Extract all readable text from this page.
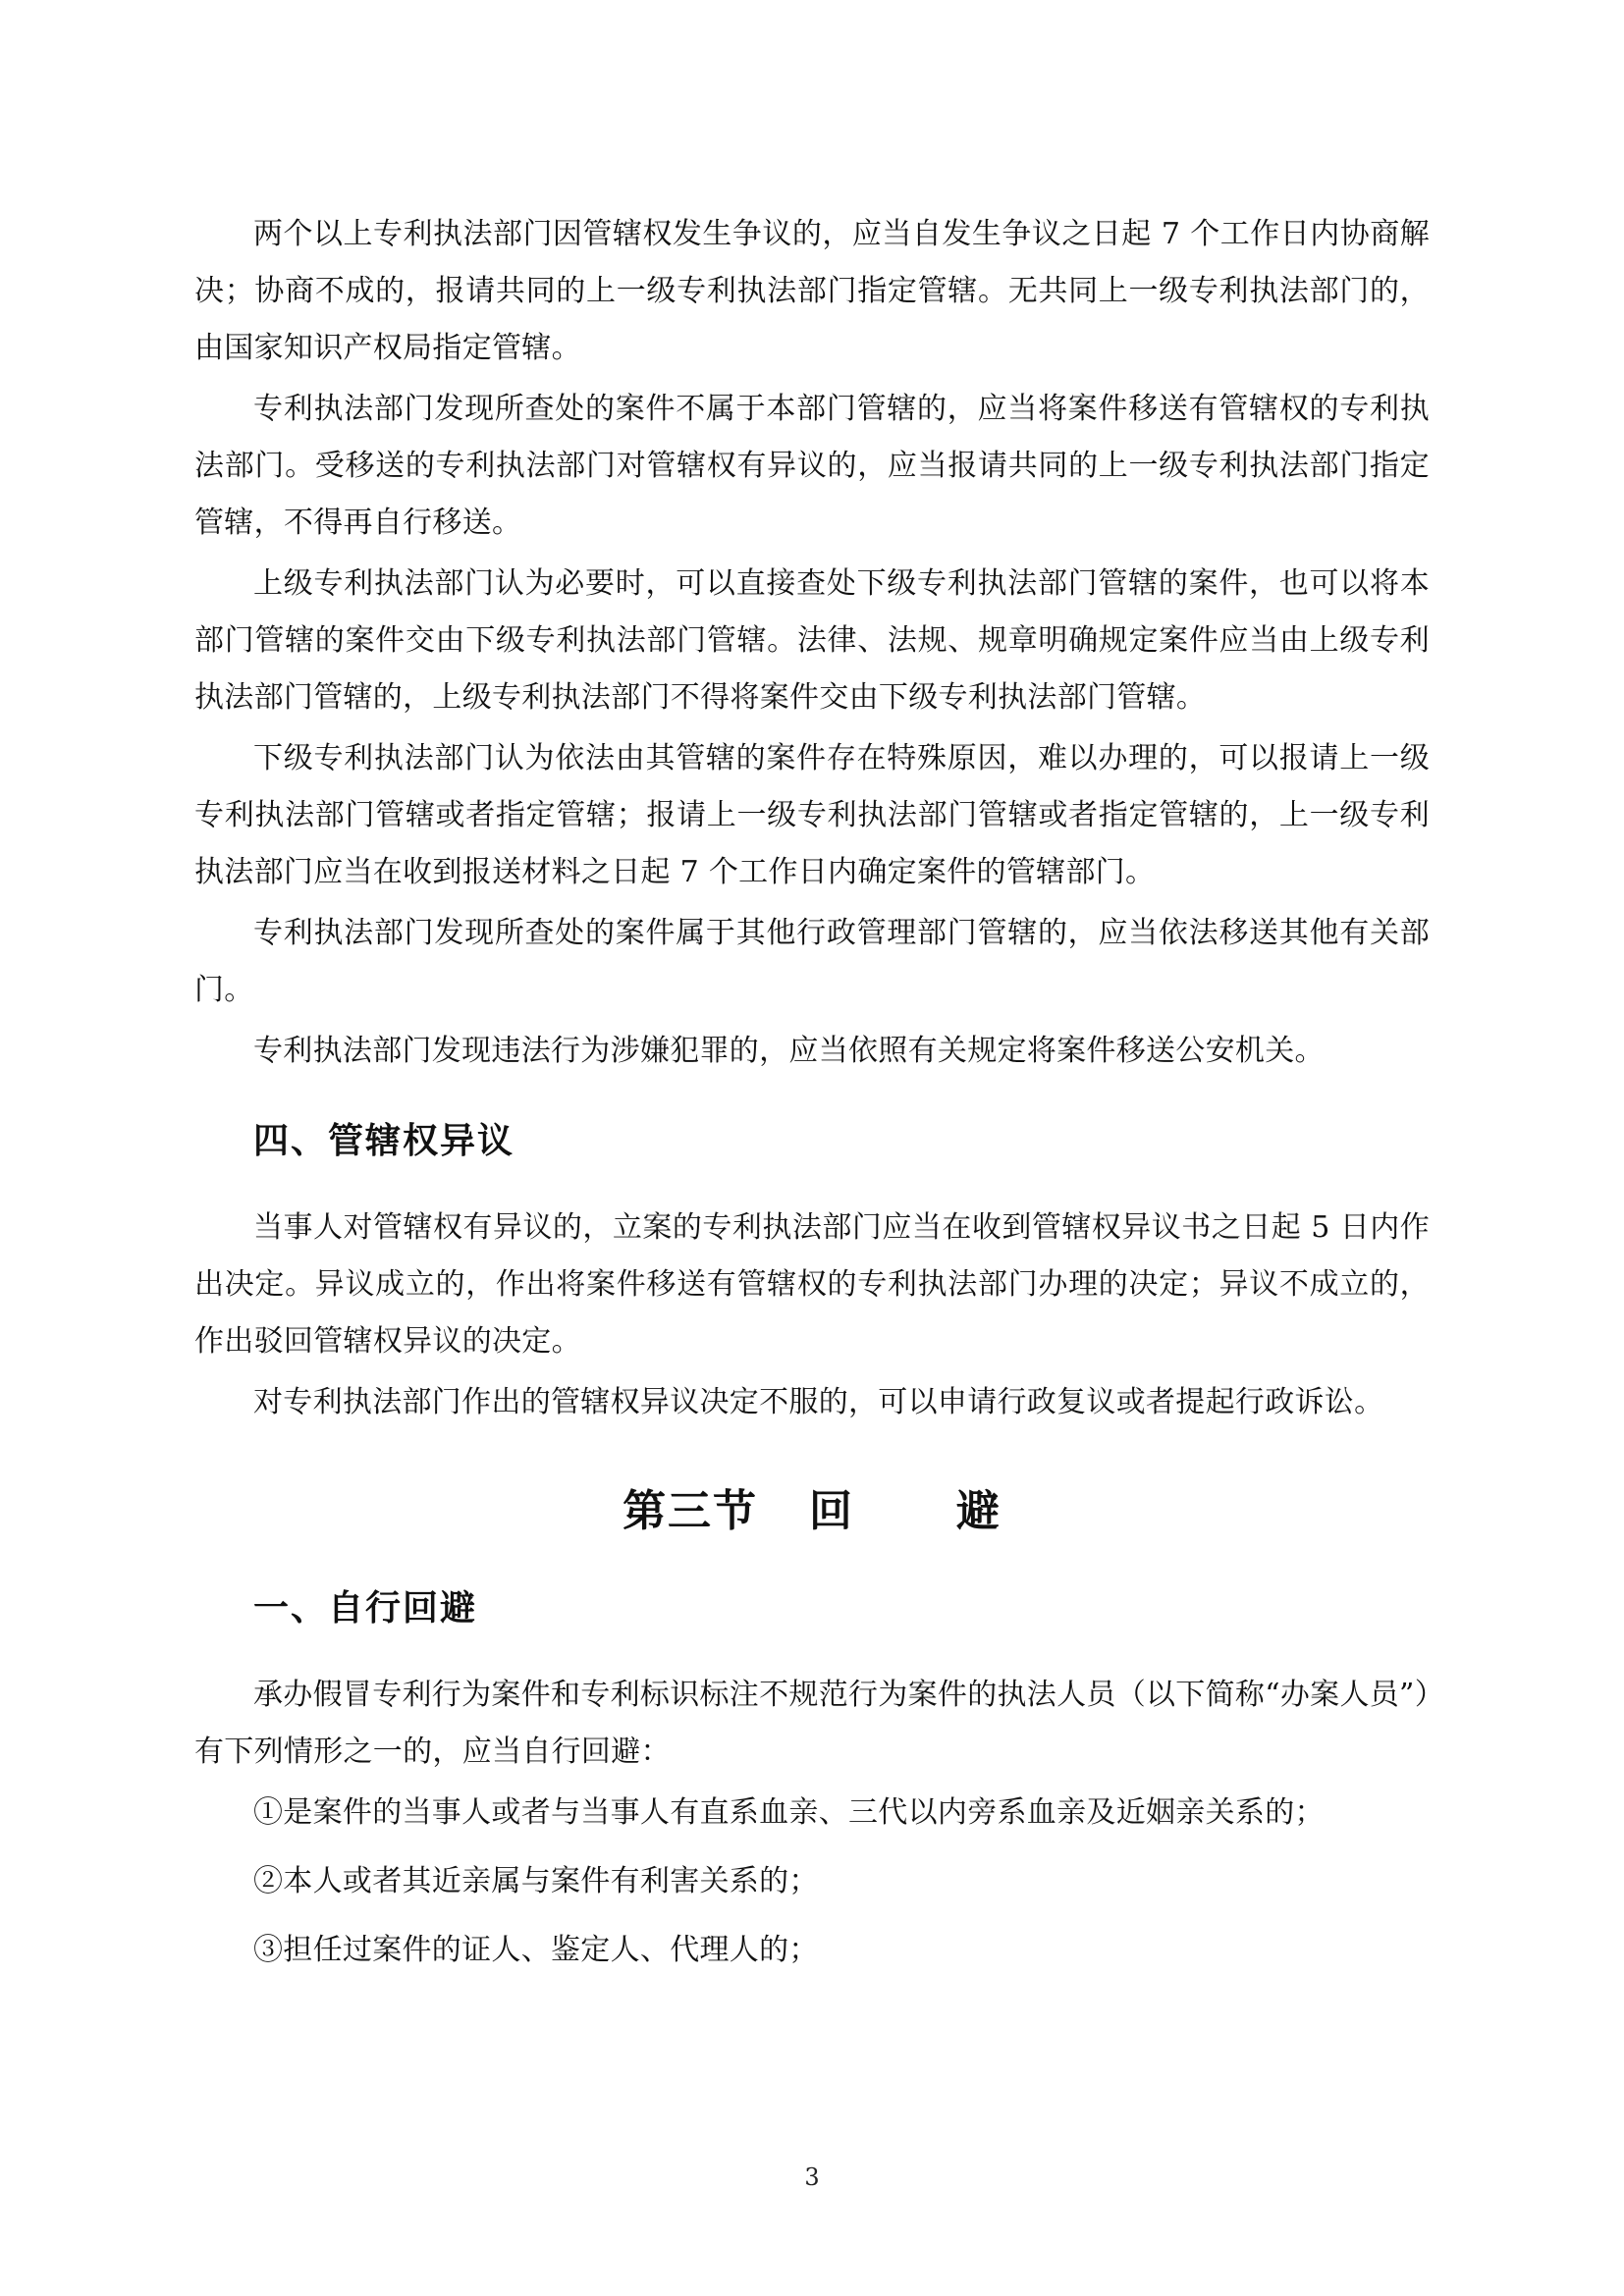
两个以上专利执法部门因管辖权发生争议的，应当自发生争议之日起 7 个工作日内协商解决；协商不成的，报请共同的上一级专利执法部门指定管辖。无共同上一级专利执法部门的，由国家知识产权局指定管辖。

专利执法部门发现所查处的案件不属于本部门管辖的，应当将案件移送有管辖权的专利执法部门。受移送的专利执法部门对管辖权有异议的，应当报请共同的上一级专利执法部门指定管辖，不得再自行移送。

上级专利执法部门认为必要时，可以直接查处下级专利执法部门管辖的案件，也可以将本部门管辖的案件交由下级专利执法部门管辖。法律、法规、规章明确规定案件应当由上级专利执法部门管辖的，上级专利执法部门不得将案件交由下级专利执法部门管辖。

下级专利执法部门认为依法由其管辖的案件存在特殊原因，难以办理的，可以报请上一级专利执法部门管辖或者指定管辖；报请上一级专利执法部门管辖或者指定管辖的，上一级专利执法部门应当在收到报送材料之日起 7 个工作日内确定案件的管辖部门。

专利执法部门发现所查处的案件属于其他行政管理部门管辖的，应当依法移送其他有关部门。

专利执法部门发现违法行为涉嫌犯罪的，应当依照有关规定将案件移送公安机关。

四、管辖权异议

当事人对管辖权有异议的，立案的专利执法部门应当在收到管辖权异议书之日起 5 日内作出决定。异议成立的，作出将案件移送有管辖权的专利执法部门办理的决定；异议不成立的，作出驳回管辖权异议的决定。

对专利执法部门作出的管辖权异议决定不服的，可以申请行政复议或者提起行政诉讼。

第三节   回      避
一、自行回避

承办假冒专利行为案件和专利标识标注不规范行为案件的执法人员（以下简称“办案人员”）有下列情形之一的，应当自行回避：

①是案件的当事人或者与当事人有直系血亲、三代以内旁系血亲及近姻亲关系的；

②本人或者其近亲属与案件有利害关系的；

③担任过案件的证人、鉴定人、代理人的；

3
